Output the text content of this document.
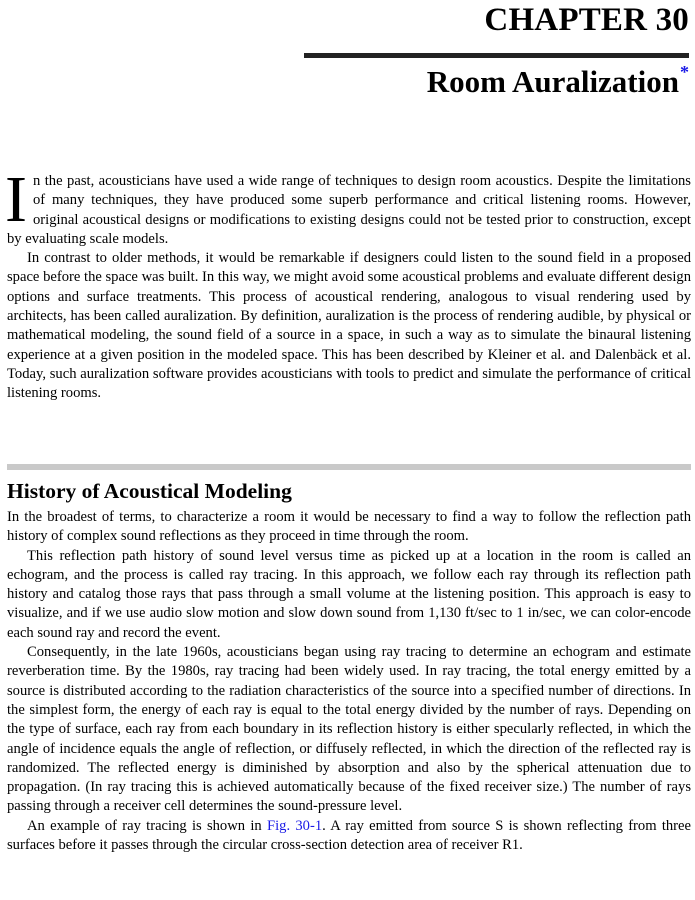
CHAPTER 30
Room Auralization*

In the past, acousticians have used a wide range of techniques to design room acoustics. Despite the limitations of many techniques, they have produced some superb performance and critical listening rooms. However, original acoustical designs or modifications to existing designs could not be tested prior to construction, except by evaluating scale models.

In contrast to older methods, it would be remarkable if designers could listen to the sound field in a proposed space before the space was built. In this way, we might avoid some acoustical problems and evaluate different design options and surface treatments. This process of acoustical rendering, analogous to visual rendering used by architects, has been called auralization. By definition, auralization is the process of rendering audible, by physical or mathematical modeling, the sound field of a source in a space, in such a way as to simulate the binaural listening experience at a given position in the modeled space. This has been described by Kleiner et al. and Dalenbäck et al. Today, such auralization software provides acousticians with tools to predict and simulate the performance of critical listening rooms.

History of Acoustical Modeling

In the broadest of terms, to characterize a room it would be necessary to find a way to follow the reflection path history of complex sound reflections as they proceed in time through the room.

This reflection path history of sound level versus time as picked up at a location in the room is called an echogram, and the process is called ray tracing. In this approach, we follow each ray through its reflection path history and catalog those rays that pass through a small volume at the listening position. This approach is easy to visualize, and if we use audio slow motion and slow down sound from 1,130 ft/sec to 1 in/sec, we can color-encode each sound ray and record the event.

Consequently, in the late 1960s, acousticians began using ray tracing to determine an echogram and estimate reverberation time. By the 1980s, ray tracing had been widely used. In ray tracing, the total energy emitted by a source is distributed according to the radiation characteristics of the source into a specified number of directions. In the simplest form, the energy of each ray is equal to the total energy divided by the number of rays. Depending on the type of surface, each ray from each boundary in its reflection history is either specularly reflected, in which the angle of incidence equals the angle of reflection, or diffusely reflected, in which the direction of the reflected ray is randomized. The reflected energy is diminished by absorption and also by the spherical attenuation due to propagation. (In ray tracing this is achieved automatically because of the fixed receiver size.) The number of rays passing through a receiver cell determines the sound-pressure level.

An example of ray tracing is shown in Fig. 30-1. A ray emitted from source S is shown reflecting from three surfaces before it passes through the circular cross-section detection area of receiver R1.
